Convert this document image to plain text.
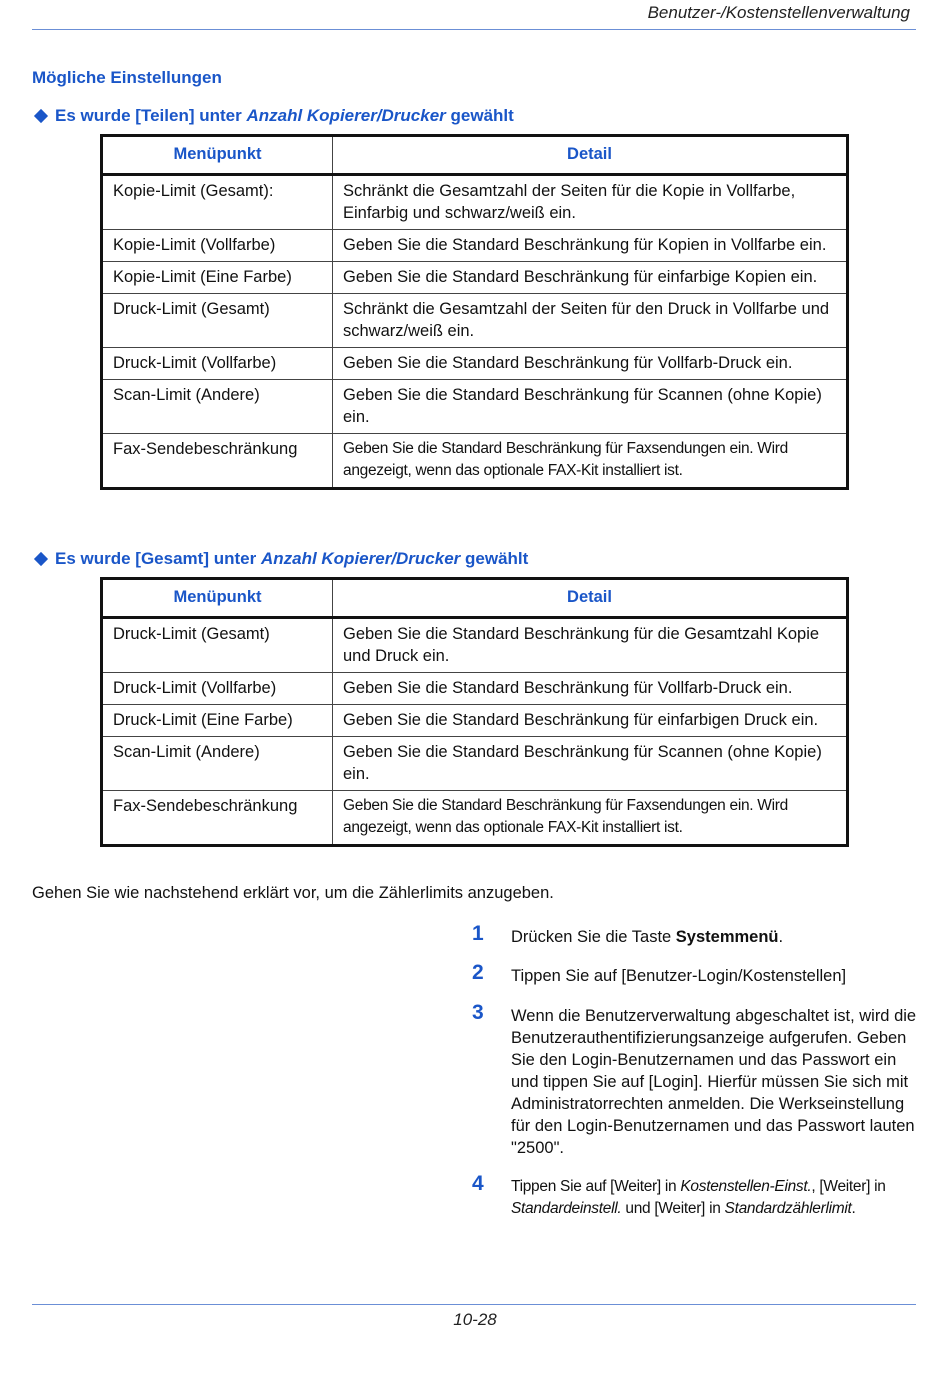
Benutzer-/Kostenstellenverwaltung
Mögliche Einstellungen
Es wurde [Teilen] unter Anzahl Kopierer/Drucker gewählt
Menüpunkt	Detail
Kopie-Limit (Gesamt):	Schränkt die Gesamtzahl der Seiten für die Kopie in Vollfarbe, Einfarbig und schwarz/weiß ein.
Kopie-Limit (Vollfarbe)	Geben Sie die Standard Beschränkung für Kopien in Vollfarbe ein.
Kopie-Limit (Eine Farbe)	Geben Sie die Standard Beschränkung für einfarbige Kopien ein.
Druck-Limit (Gesamt)	Schränkt die Gesamtzahl der Seiten für den Druck in Vollfarbe und schwarz/weiß ein.
Druck-Limit (Vollfarbe)	Geben Sie die Standard Beschränkung für Vollfarb-Druck ein.
Scan-Limit (Andere)	Geben Sie die Standard Beschränkung für Scannen (ohne Kopie) ein.
Fax-Sendebeschränkung	Geben Sie die Standard Beschränkung für Faxsendungen ein. Wird angezeigt, wenn das optionale FAX-Kit installiert ist.
Es wurde [Gesamt] unter Anzahl Kopierer/Drucker gewählt
Menüpunkt	Detail
Druck-Limit (Gesamt)	Geben Sie die Standard Beschränkung für die Gesamtzahl Kopie und Druck ein.
Druck-Limit (Vollfarbe)	Geben Sie die Standard Beschränkung für Vollfarb-Druck ein.
Druck-Limit (Eine Farbe)	Geben Sie die Standard Beschränkung für einfarbigen Druck ein.
Scan-Limit (Andere)	Geben Sie die Standard Beschränkung für Scannen (ohne Kopie) ein.
Fax-Sendebeschränkung	Geben Sie die Standard Beschränkung für Faxsendungen ein. Wird angezeigt, wenn das optionale FAX-Kit installiert ist.
Gehen Sie wie nachstehend erklärt vor, um die Zählerlimits anzugeben.
1 Drücken Sie die Taste Systemmenü.
2 Tippen Sie auf [Benutzer-Login/Kostenstellen]
3 Wenn die Benutzerverwaltung abgeschaltet ist, wird die Benutzerauthentifizierungsanzeige aufgerufen. Geben Sie den Login-Benutzernamen und das Passwort ein und tippen Sie auf [Login]. Hierfür müssen Sie sich mit Administratorrechten anmelden. Die Werkseinstellung für den Login-Benutzernamen und das Passwort lauten "2500".
4 Tippen Sie auf [Weiter] in Kostenstellen-Einst., [Weiter] in Standardeinstell. und [Weiter] in Standardzählerlimit.
10-28
